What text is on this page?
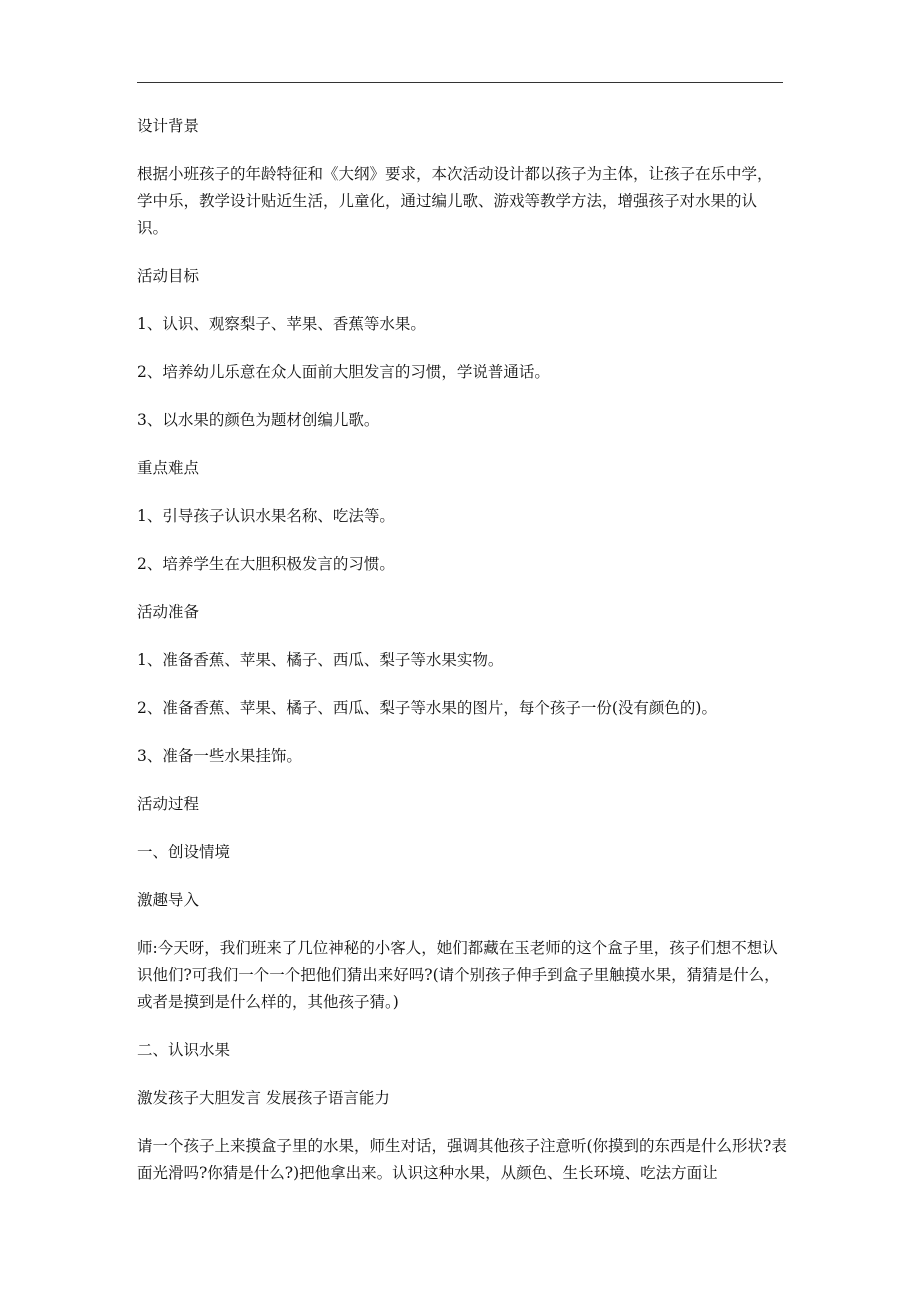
设计背景

根据小班孩子的年龄特征和《大纲》要求，本次活动设计都以孩子为主体，让孩子在乐中学，学中乐，教学设计贴近生活，儿童化，通过编儿歌、游戏等教学方法，增强孩子对水果的认识。

活动目标

1、认识、观察梨子、苹果、香蕉等水果。

2、培养幼儿乐意在众人面前大胆发言的习惯，学说普通话。

3、以水果的颜色为题材创编儿歌。

重点难点

1、引导孩子认识水果名称、吃法等。

2、培养学生在大胆积极发言的习惯。

活动准备

1、准备香蕉、苹果、橘子、西瓜、梨子等水果实物。

2、准备香蕉、苹果、橘子、西瓜、梨子等水果的图片，每个孩子一份(没有颜色的)。

3、准备一些水果挂饰。

活动过程

一、创设情境

激趣导入

师:今天呀，我们班来了几位神秘的小客人，她们都藏在玉老师的这个盒子里，孩子们想不想认识他们?可我们一个一个把他们猜出来好吗?(请个别孩子伸手到盒子里触摸水果，猜猜是什么，或者是摸到是什么样的，其他孩子猜。)

二、认识水果

激发孩子大胆发言 发展孩子语言能力

请一个孩子上来摸盒子里的水果，师生对话，强调其他孩子注意听(你摸到的东西是什么形状?表面光滑吗?你猜是什么?)把他拿出来。认识这种水果，从颜色、生长环境、吃法方面让
